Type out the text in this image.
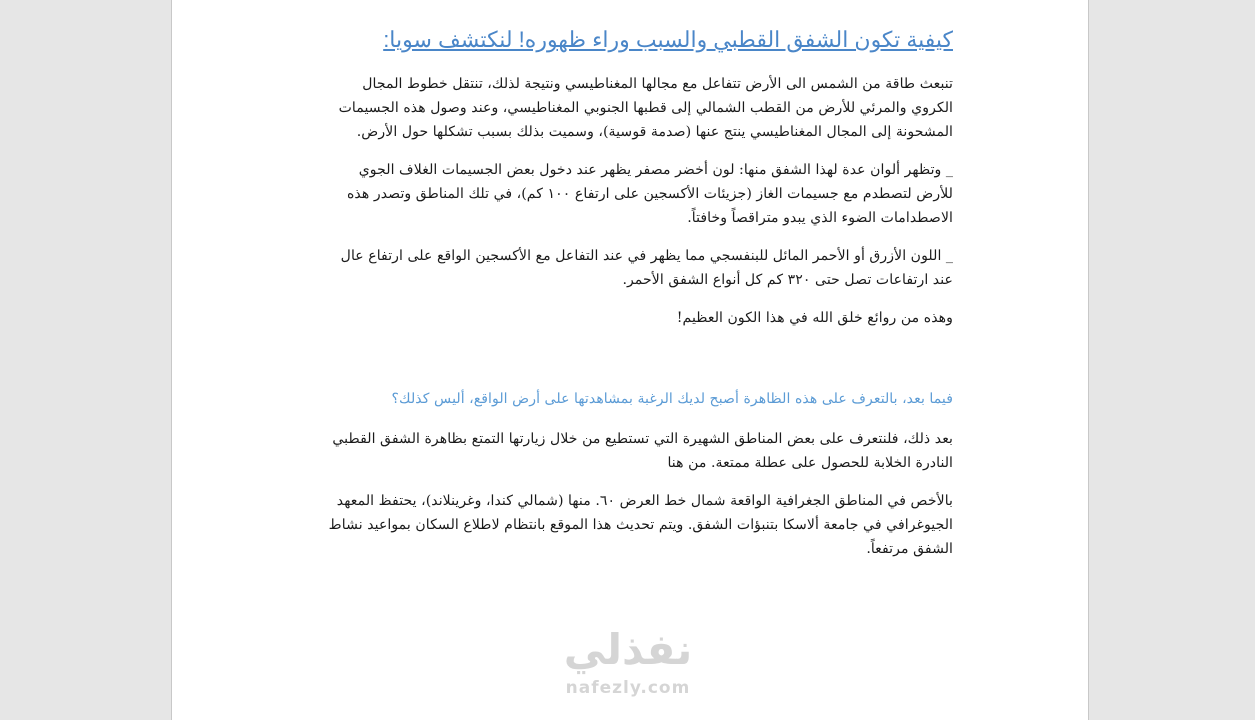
كيفية تكون الشفق القطبي والسبب وراء ظهوره! لنكتشف سويا:

تنبعث طاقة من الشمس الى الأرض تتفاعل مع مجالها المغناطيسي ونتيجة لذلك، تنتقل خطوط المجال الكروي والمرئي للأرض من القطب الشمالي إلى قطبها الجنوبي المغناطيسي، وعند وصول هذه الجسيمات المشحونة إلى المجال المغناطيسي ينتج عنها (صدمة قوسية)، وسميت بذلك بسبب تشكلها حول الأرض.

_ وتظهر ألوان عدة لهذا الشفق منها: لون أخضر مصفر يظهر عند دخول بعض الجسيمات الغلاف الجوي للأرض لتصطدم مع جسيمات الغاز (جزيئات الأكسجين على ارتفاع ١٠٠ كم)، في تلك المناطق وتصدر هذه الاصطدامات الضوء الذي يبدو متراقصاً وخافتاً.

_ اللون الأزرق أو الأحمر المائل للبنفسجي مما يظهر في عند التفاعل مع الأكسجين الواقع على ارتفاع عال عند ارتفاعات تصل حتى ٣٢٠ كم كل أنواع الشفق الأحمر.

وهذه من روائع خلق الله في هذا الكون العظيم!

فيما بعد، بالتعرف على هذه الظاهرة أصبح لديك الرغبة بمشاهدتها على أرض الواقع، أليس كذلك؟

بعد ذلك، فلنتعرف على بعض المناطق الشهيرة التي تستطيع من خلال زيارتها التمتع بظاهرة الشفق القطبي النادرة الخلابة للحصول على عطلة ممتعة. من هنا

بالأخص في المناطق الجغرافية الواقعة شمال خط العرض ٦٠. منها (شمالي كندا، وغرينلاند)، يحتفظ المعهد الجيوغرافي في جامعة ألاسكا بتنبؤات الشفق. ويتم تحديث هذا الموقع بانتظام لاطلاع السكان بمواعيد نشاط الشفق مرتفعاً.

نفذلي
nafezly.com
